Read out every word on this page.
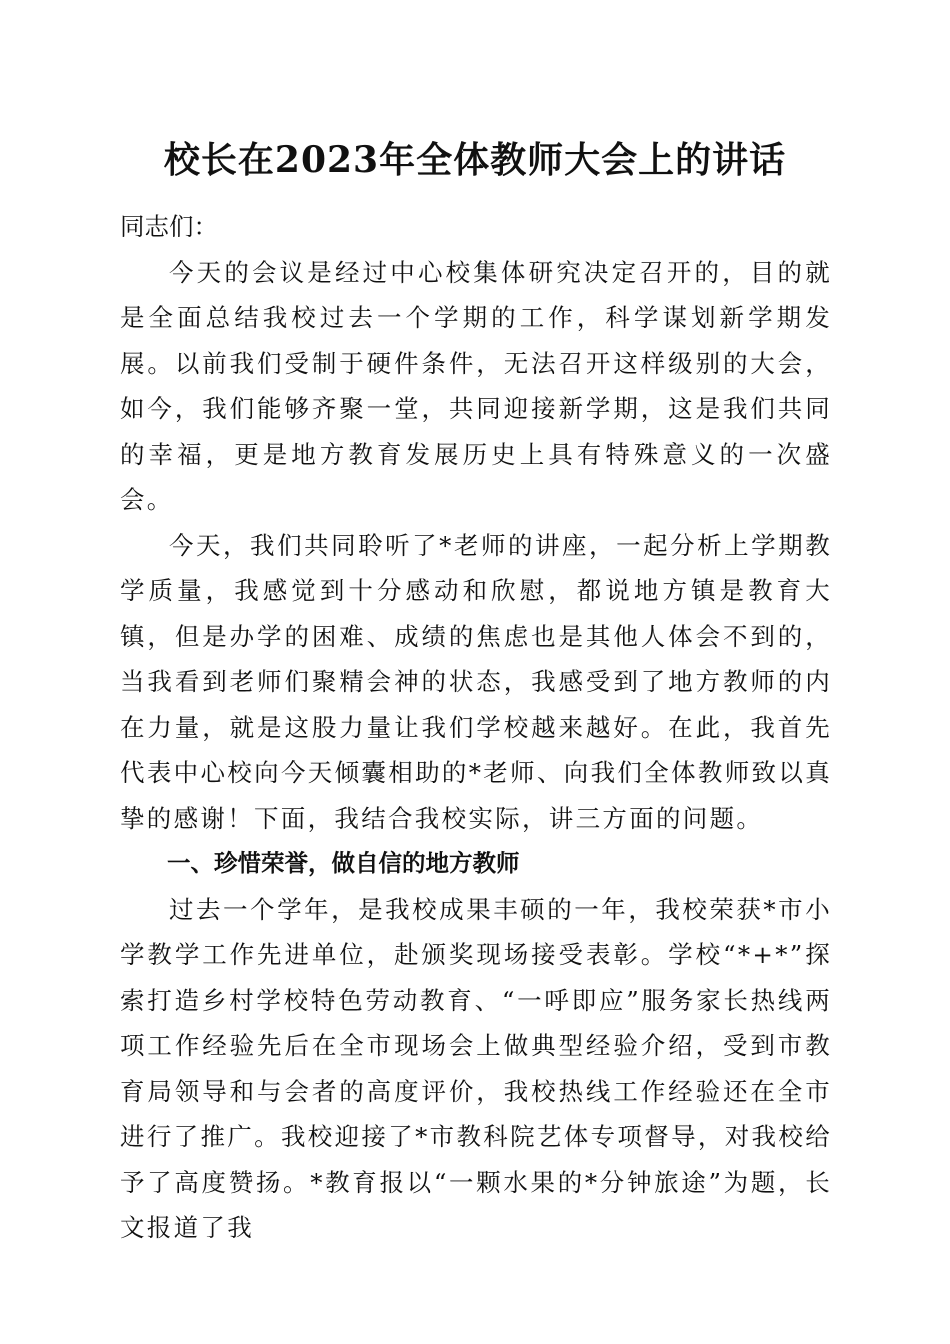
校长在2023年全体教师大会上的讲话

同志们：

今天的会议是经过中心校集体研究决定召开的，目的就是全面总结我校过去一个学期的工作，科学谋划新学期发展。以前我们受制于硬件条件，无法召开这样级别的大会，如今，我们能够齐聚一堂，共同迎接新学期，这是我们共同的幸福，更是地方教育发展历史上具有特殊意义的一次盛会。

今天，我们共同聆听了*老师的讲座，一起分析上学期教学质量，我感觉到十分感动和欣慰，都说地方镇是教育大镇，但是办学的困难、成绩的焦虑也是其他人体会不到的，当我看到老师们聚精会神的状态，我感受到了地方教师的内在力量，就是这股力量让我们学校越来越好。在此，我首先代表中心校向今天倾囊相助的*老师、向我们全体教师致以真挚的感谢！下面，我结合我校实际，讲三方面的问题。

一、珍惜荣誉，做自信的地方教师

过去一个学年，是我校成果丰硕的一年，我校荣获*市小学教学工作先进单位，赴颁奖现场接受表彰。学校“*+*”探索打造乡村学校特色劳动教育、“一呼即应”服务家长热线两项工作经验先后在全市现场会上做典型经验介绍，受到市教育局领导和与会者的高度评价，我校热线工作经验还在全市进行了推广。我校迎接了*市教科院艺体专项督导，对我校给予了高度赞扬。*教育报以“一颗水果的*分钟旅途”为题，长文报道了我
